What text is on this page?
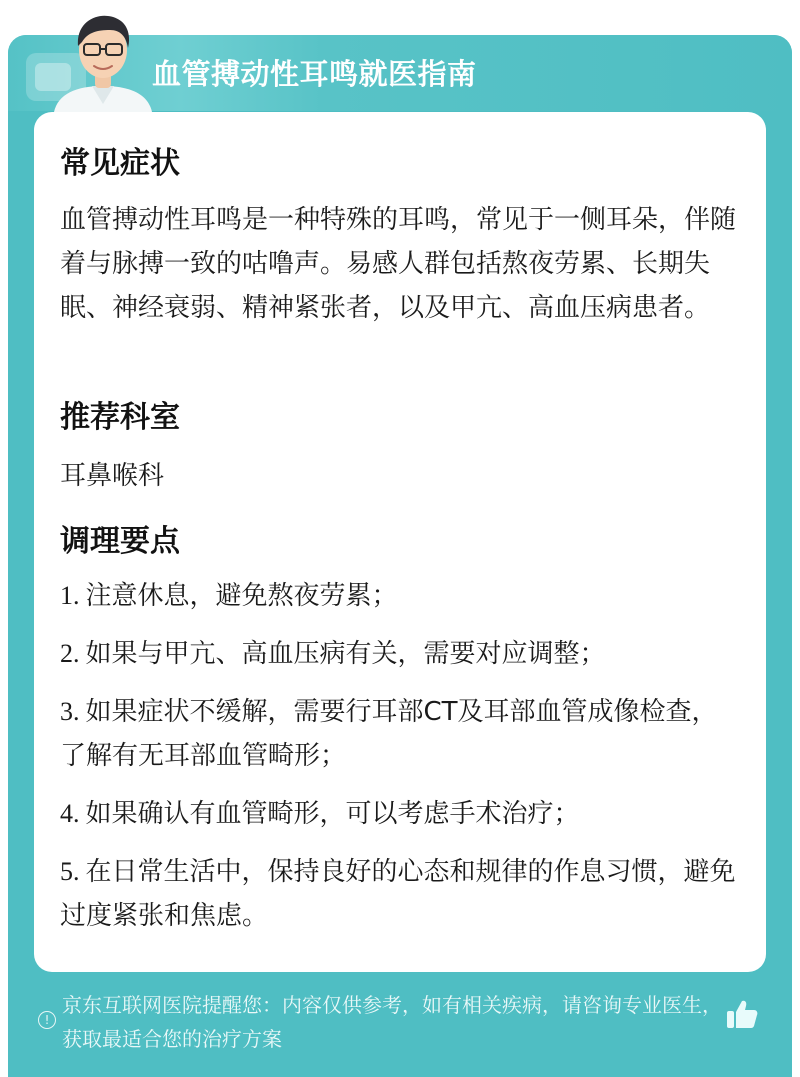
血管搏动性耳鸣就医指南
常见症状

血管搏动性耳鸣是一种特殊的耳鸣，常见于一侧耳朵，伴随着与脉搏一致的咕噜声。易感人群包括熬夜劳累、长期失眠、神经衰弱、精神紧张者，以及甲亢、高血压病患者。

推荐科室

耳鼻喉科

调理要点
1. 注意休息，避免熬夜劳累；
2. 如果与甲亢、高血压病有关，需要对应调整；
3. 如果症状不缓解，需要行耳部CT及耳部血管成像检查，了解有无耳部血管畸形；
4. 如果确认有血管畸形，可以考虑手术治疗；
5. 在日常生活中，保持良好的心态和规律的作息习惯，避免过度紧张和焦虑。
!
京东互联网医院提醒您：内容仅供参考，如有相关疾病，请咨询专业医生，获取最适合您的治疗方案
